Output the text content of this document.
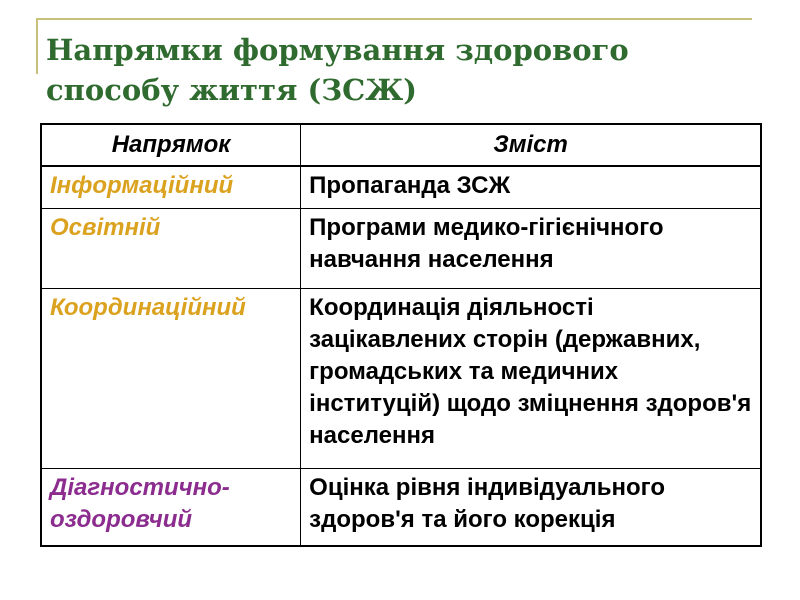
Напрямки формування здорового способу життя (ЗСЖ)
Напрямок	Зміст
Інформаційний	Пропаганда ЗСЖ
Освітній	Програми медико-гігієнічного навчання населення
Координаційний	Координація діяльності зацікавлених сторін (державних, громадських та медичних інституцій) щодо зміцнення здоров'я населення
Діагностично-оздоровчий	Оцінка рівня індивідуального здоров'я та його корекція
